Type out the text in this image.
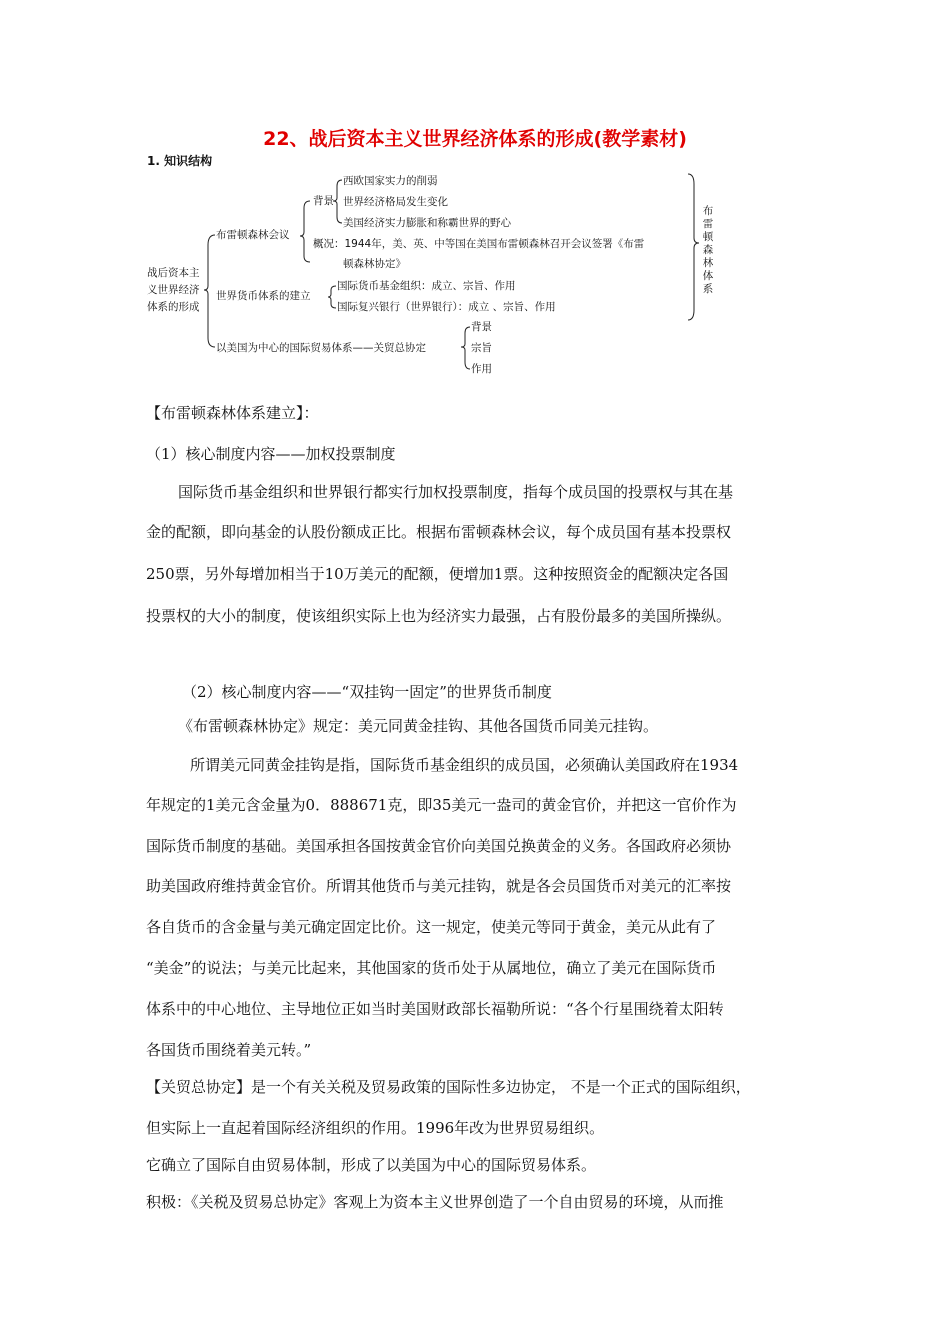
22、战后资本主义世界经济体系的形成(教学素材)
1. 知识结构
战后资本主
义世界经济
体系的形成
布雷顿森林会议
背景
西欧国家实力的削弱
世界经济格局发生变化
美国经济实力膨胀和称霸世界的野心
概况：1944年，美、英、中等国在美国布雷顿森林召开会议签署《布雷
顿森林协定》
世界货币体系的建立
国际货币基金组织：成立、宗旨、作用
国际复兴银行（世界银行）：成立 、宗旨、作用
以美国为中心的国际贸易体系——关贸总协定
背景
宗旨
作用
布
雷
顿
森
林
体
系
【布雷顿森林体系建立】：
（1）核心制度内容——加权投票制度
国际货币基金组织和世界银行都实行加权投票制度，指每个成员国的投票权与其在基
金的配额，即向基金的认股份额成正比。根据布雷顿森林会议，每个成员国有基本投票权
250票，另外每增加相当于10万美元的配额，便增加1票。这种按照资金的配额决定各国
投票权的大小的制度，使该组织实际上也为经济实力最强，占有股份最多的美国所操纵。
（2）核心制度内容——“双挂钩一固定”的世界货币制度
《布雷顿森林协定》规定：美元同黄金挂钩、其他各国货币同美元挂钩。
所谓美元同黄金挂钩是指，国际货币基金组织的成员国，必须确认美国政府在1934
年规定的1美元含金量为0．888671克，即35美元一盎司的黄金官价，并把这一官价作为
国际货币制度的基础。美国承担各国按黄金官价向美国兑换黄金的义务。各国政府必须协
助美国政府维持黄金官价。所谓其他货币与美元挂钩，就是各会员国货币对美元的汇率按
各自货币的含金量与美元确定固定比价。这一规定，使美元等同于黄金，美元从此有了
“美金”的说法；与美元比起来，其他国家的货币处于从属地位，确立了美元在国际货币
体系中的中心地位、主导地位正如当时美国财政部长福勒所说：“各个行星围绕着太阳转
各国货币围绕着美元转。”
【关贸总协定】是一个有关关税及贸易政策的国际性多边协定， 不是一个正式的国际组织，
但实际上一直起着国际经济组织的作用。1996年改为世界贸易组织。
它确立了国际自由贸易体制，形成了以美国为中心的国际贸易体系。
积极：《关税及贸易总协定》客观上为资本主义世界创造了一个自由贸易的环境，从而推
